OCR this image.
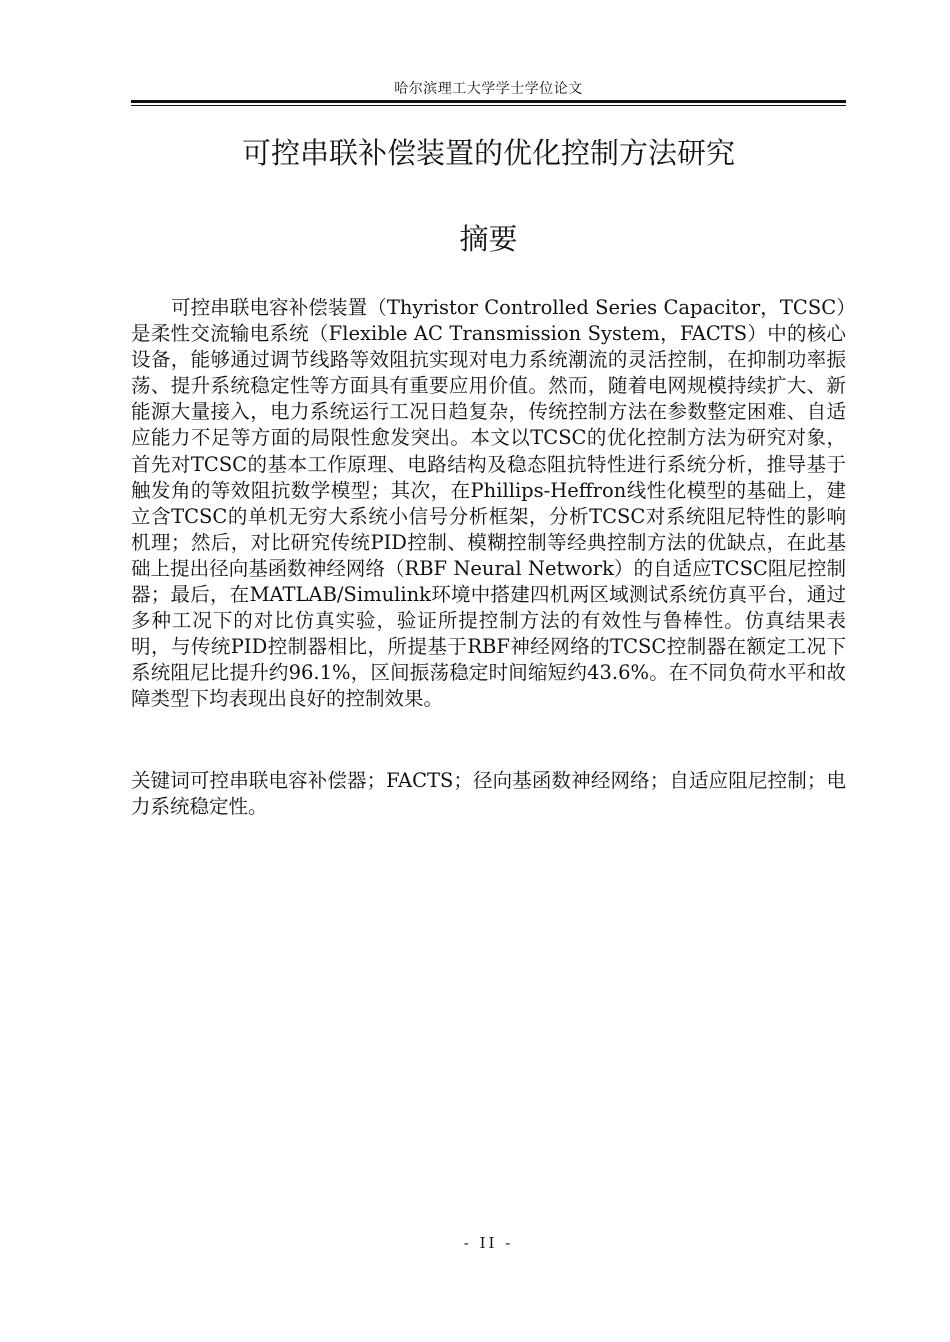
哈尔滨理工大学学士学位论文
可控串联补偿装置的优化控制方法研究
摘要

可控串联电容补偿装置（Thyristor Controlled Series Capacitor，TCSC）是柔性交流输电系统（Flexible AC Transmission System，FACTS）中的核心设备，能够通过调节线路等效阻抗实现对电力系统潮流的灵活控制，在抑制功率振荡、提升系统稳定性等方面具有重要应用价值。然而，随着电网规模持续扩大、新能源大量接入，电力系统运行工况日趋复杂，传统控制方法在参数整定困难、自适应能力不足等方面的局限性愈发突出。本文以TCSC的优化控制方法为研究对象，首先对TCSC的基本工作原理、电路结构及稳态阻抗特性进行系统分析，推导基于触发角的等效阻抗数学模型；其次，在Phillips-Heffron线性化模型的基础上，建立含TCSC的单机无穷大系统小信号分析框架，分析TCSC对系统阻尼特性的影响机理；然后，对比研究传统PID控制、模糊控制等经典控制方法的优缺点，在此基础上提出径向基函数神经网络（RBF Neural Network）的自适应TCSC阻尼控制器；最后，在MATLAB/Simulink环境中搭建四机两区域测试系统仿真平台，通过多种工况下的对比仿真实验，验证所提控制方法的有效性与鲁棒性。仿真结果表明，与传统PID控制器相比，所提基于RBF神经网络的TCSC控制器在额定工况下系统阻尼比提升约96.1%，区间振荡稳定时间缩短约43.6%。在不同负荷水平和故障类型下均表现出良好的控制效果。

关键词可控串联电容补偿器；FACTS；径向基函数神经网络；自适应阻尼控制；电力系统稳定性。

- II -
